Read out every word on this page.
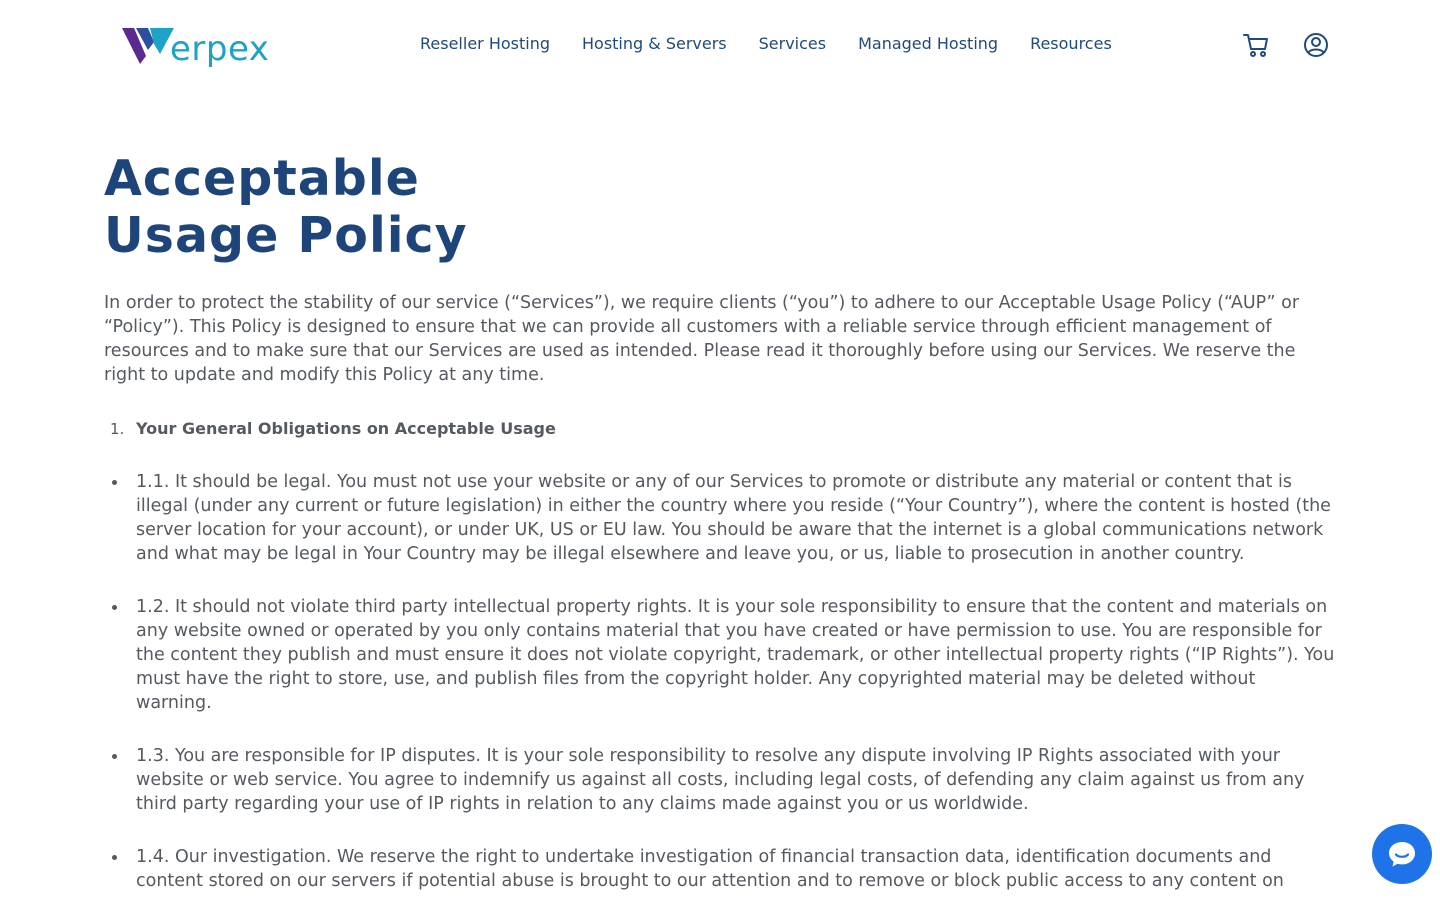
erpex	Reseller Hosting Hosting & Servers Services Managed Hosting Resources
Acceptable
Usage Policy

In order to protect the stability of our service (“Services”), we require clients (“you”) to adhere to our Acceptable Usage Policy (“AUP” or “Policy”). This Policy is designed to ensure that we can provide all customers with a reliable service through efficient management of resources and to make sure that our Services are used as intended. Please read it thoroughly before using our Services. We reserve the right to update and modify this Policy at any time.

1. Your General Obligations on Acceptable Usage
1.1. It should be legal. You must not use your website or any of our Services to promote or distribute any material or content that is illegal (under any current or future legislation) in either the country where you reside (“Your Country”), where the content is hosted (the server location for your account), or under UK, US or EU law. You should be aware that the internet is a global communications network and what may be legal in Your Country may be illegal elsewhere and leave you, or us, liable to prosecution in another country.
1.2. It should not violate third party intellectual property rights. It is your sole responsibility to ensure that the content and materials on any website owned or operated by you only contains material that you have created or have permission to use. You are responsible for the content they publish and must ensure it does not violate copyright, trademark, or other intellectual property rights (“IP Rights”). You must have the right to store, use, and publish files from the copyright holder. Any copyrighted material may be deleted without warning.
1.3. You are responsible for IP disputes. It is your sole responsibility to resolve any dispute involving IP Rights associated with your website or web service. You agree to indemnify us against all costs, including legal costs, of defending any claim against us from any third party regarding your use of IP rights in relation to any claims made against you or us worldwide.
1.4. Our investigation. We reserve the right to undertake investigation of financial transaction data, identification documents and content stored on our servers if potential abuse is brought to our attention and to remove or block public access to any content on
